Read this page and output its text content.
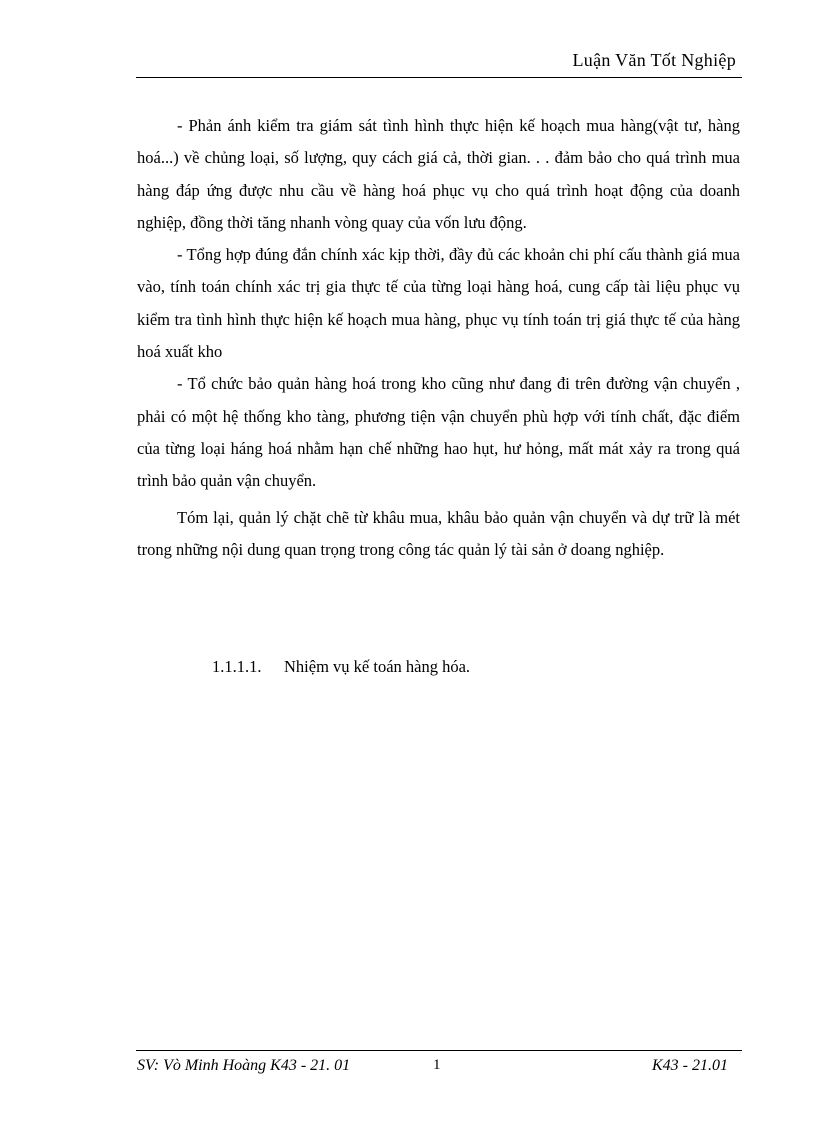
Luận Văn Tốt Nghiệp

- Phản ánh kiểm tra giám sát tình hình thực hiện kế hoạch mua hàng(vật tư, hàng hoá...) về chủng loại, số lượng, quy cách giá cả, thời gian. . . đảm bảo cho quá trình mua hàng đáp ứng được nhu cầu về hàng hoá phục vụ cho quá trình hoạt động của doanh nghiệp, đồng thời tăng nhanh vòng quay của vốn lưu động.

- Tổng hợp đúng đắn chính xác kịp thời, đầy đủ các khoản chi phí cấu thành giá mua vào, tính toán chính xác trị gia thực tế của từng loại hàng hoá, cung cấp tài liệu phục vụ kiểm tra tình hình thực hiện kế hoạch mua hàng, phục vụ tính toán trị giá thực tế của hàng hoá xuất kho

- Tổ chức bảo quản hàng hoá trong kho cũng như đang đi trên đường vận chuyển , phải có một hệ thống kho tàng, phương tiện vận chuyển phù hợp với tính chất, đặc điểm của từng loại háng hoá nhằm hạn chế những hao hụt, hư hỏng, mất mát xảy ra trong quá trình bảo quản vận chuyển.

Tóm lại, quản lý chặt chẽ từ khâu mua, khâu bảo quản vận chuyển và dự trữ là mét trong những nội dung quan trọng trong công tác quản lý tài sản ở doang nghiệp.

1.1.1.1. Nhiệm vụ kế toán hàng hóa.
SV: Vò Minh Hoàng K43 - 21. 01	1	K43 - 21.01
